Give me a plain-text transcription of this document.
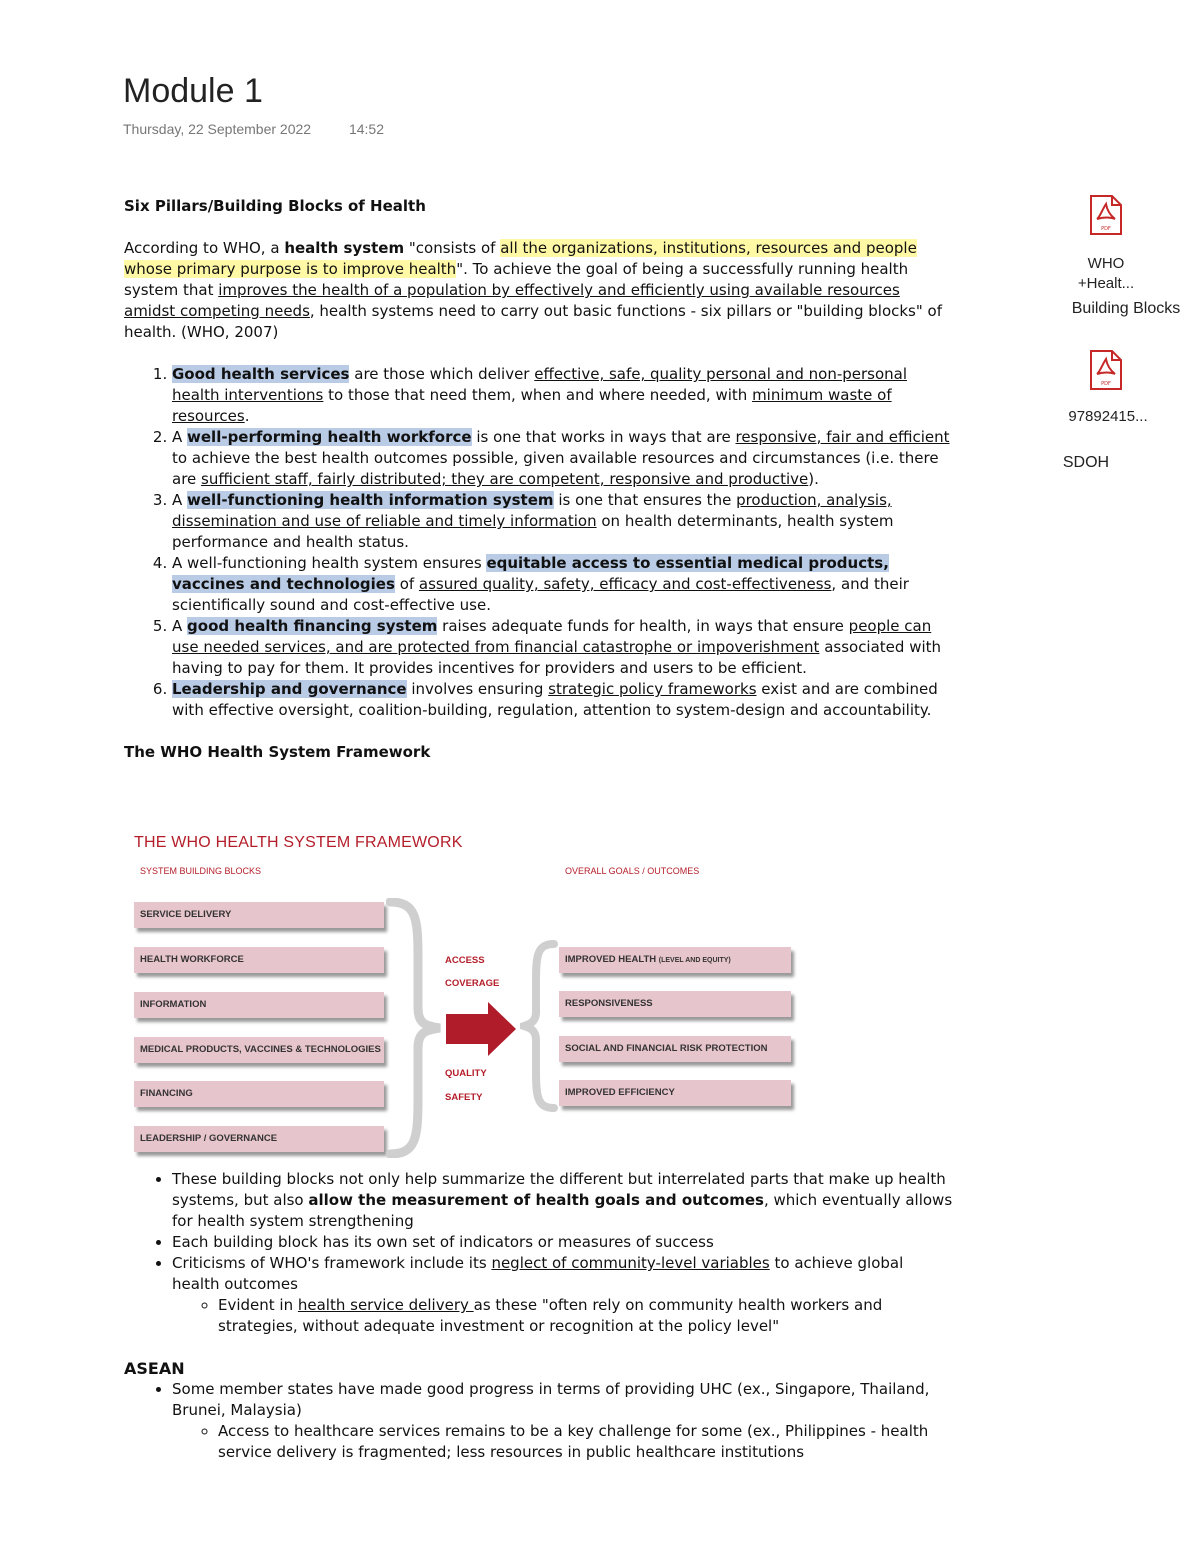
Module 1
Thursday, 22 September 2022	14:52

Six Pillars/Building Blocks of Health

According to WHO, a health system "consists of all the organizations, institutions, resources and people whose primary purpose is to improve health". To achieve the goal of being a successfully running health system that improves the health of a population by effectively and efficiently using available resources amidst competing needs, health systems need to carry out basic functions - six pillars or "building blocks" of health. (WHO, 2007)

1. Good health services are those which deliver effective, safe, quality personal and non-personal health interventions to those that need them, when and where needed, with minimum waste of resources.
2. A well-performing health workforce is one that works in ways that are responsive, fair and efficient to achieve the best health outcomes possible, given available resources and circumstances (i.e. there are sufficient staff, fairly distributed; they are competent, responsive and productive).
3. A well-functioning health information system is one that ensures the production, analysis, dissemination and use of reliable and timely information on health determinants, health system performance and health status.
4. A well-functioning health system ensures equitable access to essential medical products, vaccines and technologies of assured quality, safety, efficacy and cost-effectiveness, and their scientifically sound and cost-effective use.
5. A good health financing system raises adequate funds for health, in ways that ensure people can use needed services, and are protected from financial catastrophe or impoverishment associated with having to pay for them. It provides incentives for providers and users to be efficient.
6. Leadership and governance involves ensuring strategic policy frameworks exist and are combined with effective oversight, coalition-building, regulation, attention to system-design and accountability.

The WHO Health System Framework

THE WHO HEALTH SYSTEM FRAMEWORK
SYSTEM BUILDING BLOCKS	OVERALL GOALS / OUTCOMES
SERVICE DELIVERY
HEALTH WORKFORCE
INFORMATION
MEDICAL PRODUCTS, VACCINES & TECHNOLOGIES
FINANCING
LEADERSHIP / GOVERNANCE
ACCESS
COVERAGE
QUALITY
SAFETY
IMPROVED HEALTH (LEVEL AND EQUITY)
RESPONSIVENESS
SOCIAL AND FINANCIAL RISK PROTECTION
IMPROVED EFFICIENCY
• These building blocks not only help summarize the different but interrelated parts that make up health systems, but also allow the measurement of health goals and outcomes, which eventually allows for health system strengthening
• Each building block has its own set of indicators or measures of success
• Criticisms of WHO's framework include its neglect of community-level variables to achieve global health outcomes
◦ Evident in health service delivery as these "often rely on community health workers and strategies, without adequate investment or recognition at the policy level"

ASEAN

• Some member states have made good progress in terms of providing UHC (ex., Singapore, Thailand, Brunei, Malaysia)
◦ Access to healthcare services remains to be a key challenge for some (ex., Philippines - health service delivery is fragmented; less resources in public healthcare institutions
PDF
WHO
+Healt...
Building Blocks
PDF
97892415...
SDOH
